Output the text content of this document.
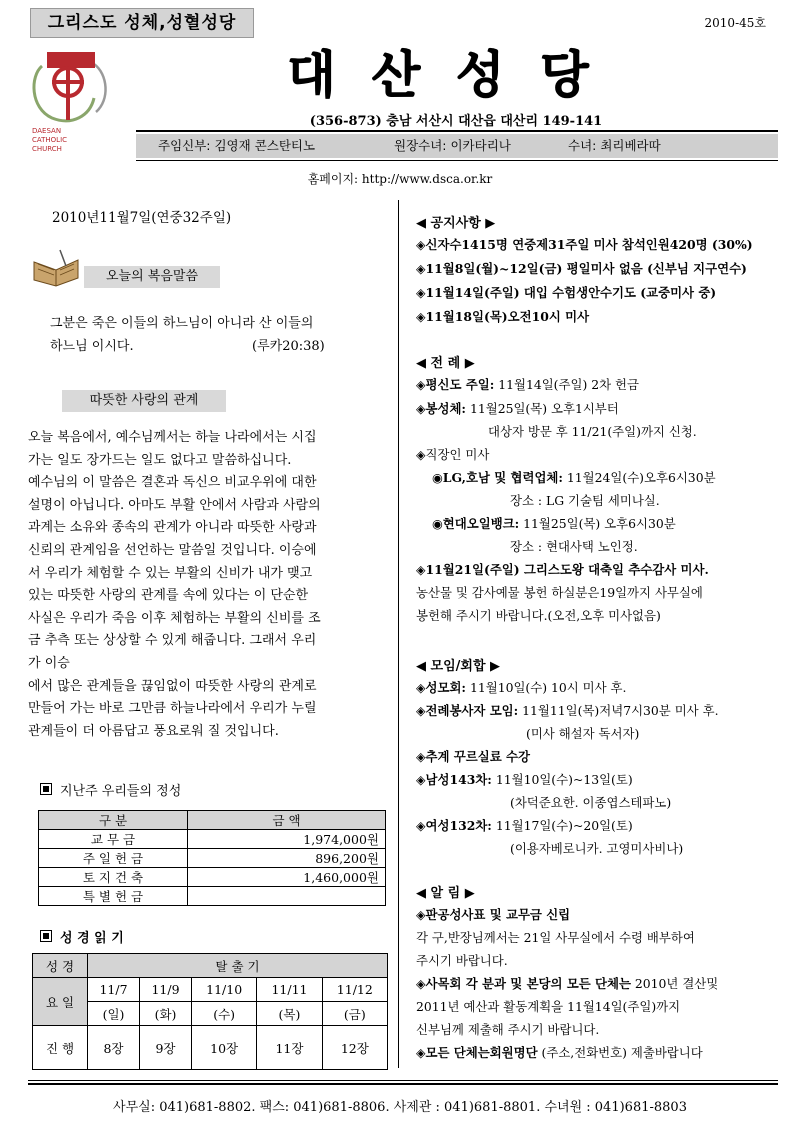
그리스도 성체,성혈성당	2010-45호
DAESAN
CATHOLIC
CHURCH
대산성당
(356-873) 충남 서산시 대산읍 대산리 149-141
주임신부: 김영재 콘스탄티노	원장수녀: 이카타리나	수녀: 최리베라따
홈페이지: http://www.dsca.or.kr
2010년11월7일(연중32주일)
오늘의 복음말씀
그분은 죽은 이들의 하느님이 아니라 산 이들의
하느님 이시다.	(루카20:38)
따뜻한 사랑의 관계
오늘 복음에서, 예수님께서는 하늘 나라에서는 시집
가는 일도 장가드는 일도 없다고 말씀하십니다.
예수님의 이 말씀은 결혼과 독신으 비교우위에 대한
설명이 아닙니다. 아마도 부활 안에서 사람과 사람의
과계는 소유와 종속의 관계가 아니라 따뜻한 사랑과
신뢰의 관계임을 선언하는 말씀일 것입니다. 이승에
서 우리가 체험할 수 있는 부활의 신비가 내가 맺고
있는 따뜻한 사랑의 관계를 속에 있다는 이 단순한
사실은 우리가 죽음 이후 체험하는 부활의 신비를 조
금 추측 또는 상상할 수 있게 해줍니다. 그래서 우리
가 이승
에서 많은 관계들을 끊임없이 따뜻한 사랑의 관계로
만들어 가는 바로 그만큼 하늘나라에서 우리가 누릴
관계들이 더 아름답고 풍요로워 질 것입니다.
지난주 우리들의 정성
구 분	금 액
교 무 금	1,974,000원
주 일 헌 금	896,200원
토 지 건 축	1,460,000원
특 별 헌 금	
성 경 읽 기
성 경	탈 출 기				
요 일	11/7	11/9	11/10	11/11	11/12
	(일)	(화)	(수)	(목)	(금)
진 행	8장	9장	10장	11장	12장
◀ 공지사항 ▶
◈신자수1415명 연중제31주일 미사 참석인원420명 (30%)
◈11월8일(월)~12일(금) 평일미사 없음 (신부님 지구연수)
◈11월14일(주일) 대입 수험생안수기도 (교중미사 중)
◈11월18일(목)오전10시 미사
◀ 전 례 ▶
◈평신도 주일: 11월14일(주일) 2차 헌금
◈봉성체: 11월25일(목) 오후1시부터
대상자 방문 후 11/21(주일)까지 신청.
◈직장인 미사
◉LG,호남 및 협력업체: 11월24일(수)오후6시30분
장소 : LG 기술팀 세미나실.
◉현대오일뱅크: 11월25일(목) 오후6시30분
장소 : 현대사택 노인정.
◈11월21일(주일) 그리스도왕 대축일 추수감사 미사.
농산물 및 감사예물 봉헌 하실분은19일까지 사무실에
봉헌해 주시기 바랍니다.(오전,오후 미사없음)
◀ 모임/회합 ▶
◈성모회: 11월10일(수) 10시 미사 후.
◈전례봉사자 모임: 11월11일(목)저녁7시30분 미사 후.
(미사 해설자 독서자)
◈추계 꾸르실료 수강
◈남성143차: 11월10일(수)~13일(토)
(차덕준요한. 이종엽스테파노)
◈여성132차: 11월17일(수)~20일(토)
(이용자베로니카. 고영미사비나)
◀ 알 림 ▶
◈판공성사표 및 교무금 신립
각 구,반장님께서는 21일 사무실에서 수령 배부하여
주시기 바랍니다.
◈사목회 각 분과 및 본당의 모든 단체는 2010년 결산및
2011년 예산과 활동계획을 11월14일(주일)까지
신부님께 제출해 주시기 바랍니다.
◈모든 단체는회원명단 (주소,전화번호) 제출바랍니다
사무실: 041)681-8802. 팩스: 041)681-8806. 사제관 : 041)681-8801. 수녀원 : 041)681-8803
